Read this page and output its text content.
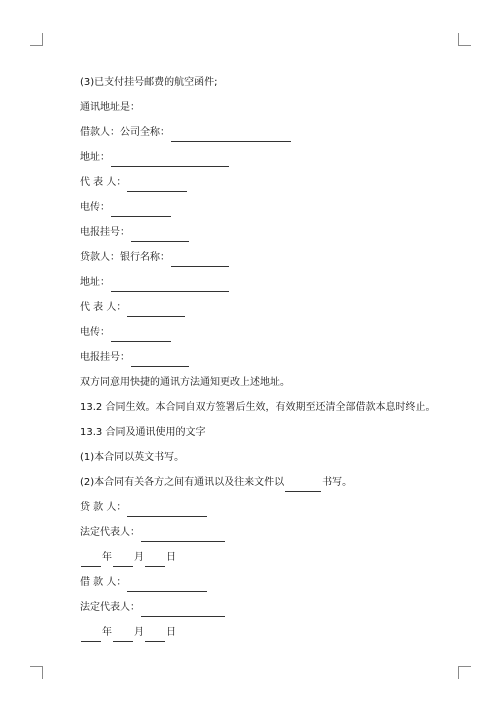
(3)已支付挂号邮费的航空函件;
通讯地址是：
借款人：公司全称：
地址：
代 表 人：
电传：
电报挂号：
贷款人：银行名称：
地址：
代 表 人：
电传：
电报挂号：
双方同意用快捷的通讯方法通知更改上述地址。
13.2 合同生效。本合同自双方签署后生效，有效期至还清全部借款本息时终止。
13.3 合同及通讯使用的文字
(1)本合同以英文书写。
(2)本合同有关各方之间有通讯以及往来文件以	书写。
贷 款 人：
法定代表人：
年 月 日
借 款 人：
法定代表人：
年 月 日
